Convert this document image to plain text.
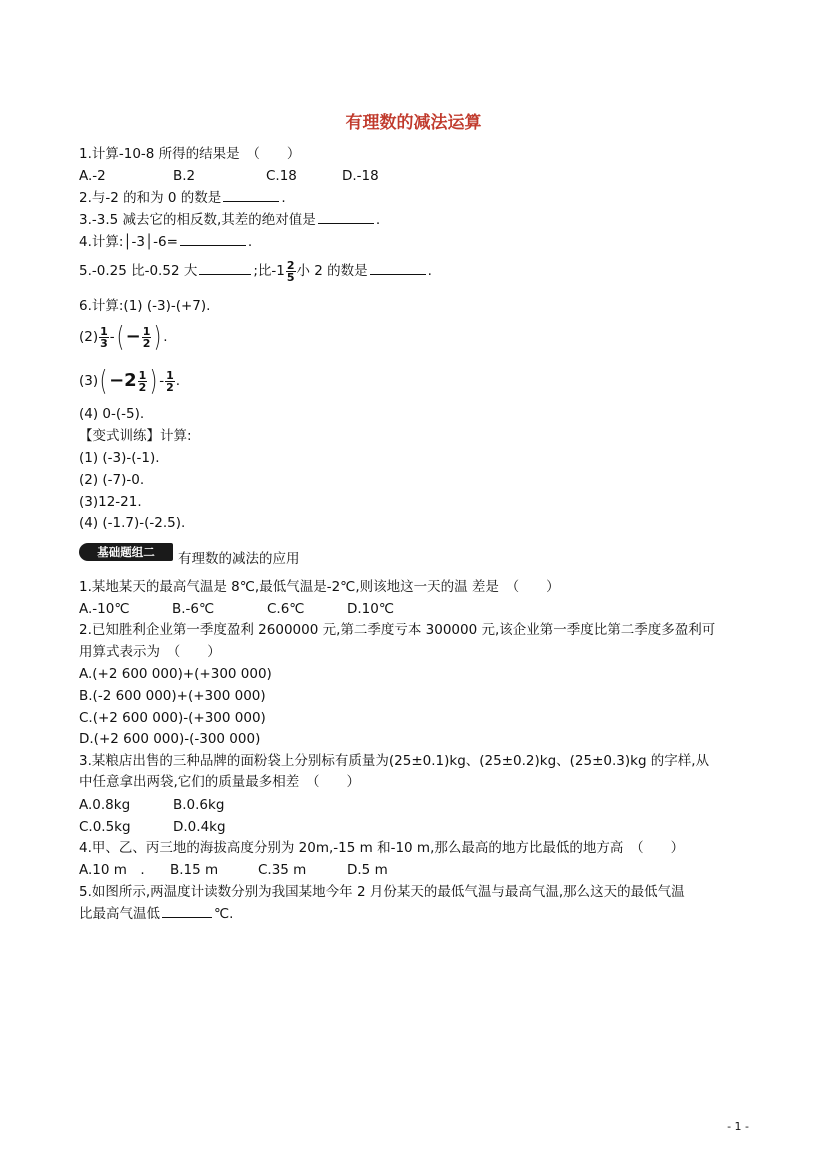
有理数的减法运算
1.计算-10-8 所得的结果是　（　　）
A.-2	B.2	C.18	D.-18
2.与-2 的和为 0 的数是	.
3.-3.5 减去它的相反数,其差的绝对值是	.
4.计算:│-3│-6=	.
5.-0.25 比-0.52 大	;比$-1 \frac{2}{5}$ 小 2 的数是	.
6.计算:(1) (-3)-(+7).
$(2) \frac{1}{3}$ -(− $\frac{1}{2}$ ) .
$(3)(-2 \frac{1}{2}$ ) - $\frac{1}{2}$ .
(4) 0-(-5).
【变式训练】计算:
(1) (-3)-(-1).
(2) (-7)-0.
(3)12-21.
(4) (-1.7)-(-2.5).
基础题组二	有理数的减法的应用
1.某地某天的最高气温是 8℃,最低气温是-2℃,则该地这一天的温 差是　（　　）
A.-10℃	B.-6℃	C.6℃	D.10℃
2.已知胜利企业第一季度盈利 2600000 元,第二季度亏本 300000 元,该企业第一季度比第二季度多盈利可
用算式表示为　（　　）
A.(+2 600 000)+(+300 000)
B.(-2 600 000)+(+300 000)
C.(+2 600 000)-(+300 000)
D.(+2 600 000)-(-300 000)
3.某粮店出售的三种品牌的面粉袋上分别标有质量为(25±0.1)kg、(25±0.2)kg、(25±0.3)kg 的字样,从
中任意拿出两袋,它们的质量最多相差　（　　）
A.0.8kg	B.0.6kg
C.0.5kg	D.0.4kg
4.甲、乙、丙三地的海拔高度分别为 20m,-15 m 和-10 m,那么最高的地方比最低的地方高　（　　）
A.10 m　. B.15 m	C.35 m	D.5 m
5.如图所示,两温度计读数分别为我国某地今年 2 月份某天的最低气温与最高气温,那么这天的最低气温
比最高气温低	℃.
- 1 -
